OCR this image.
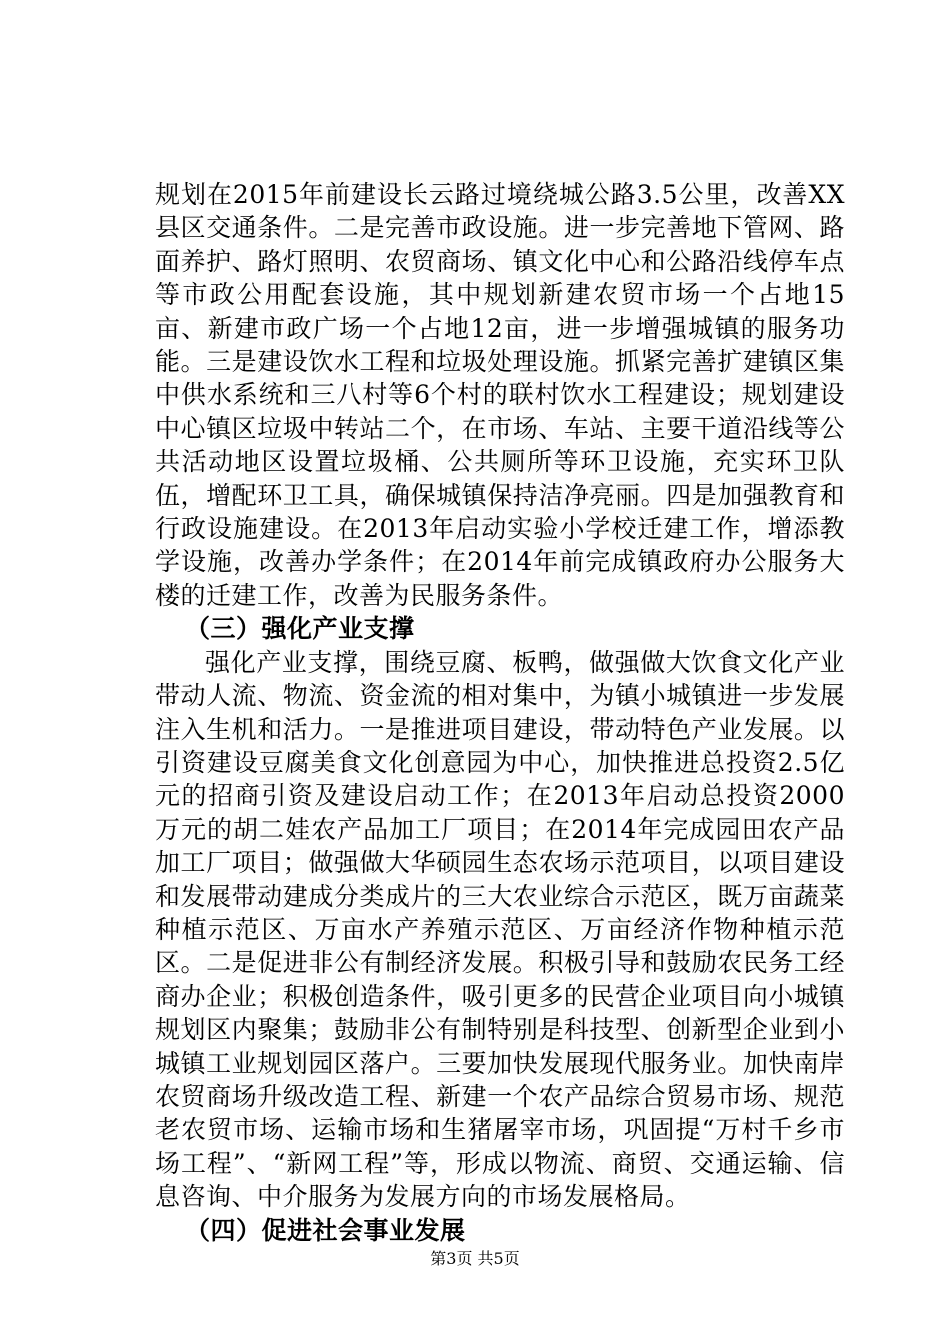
规划在2015年前建设长云路过境绕城公路3.5公里，改善XX县区交通条件。二是完善市政设施。进一步完善地下管网、路面养护、路灯照明、农贸商场、镇文化中心和公路沿线停车点等市政公用配套设施，其中规划新建农贸市场一个占地15亩、新建市政广场一个占地12亩，进一步增强城镇的服务功能。三是建设饮水工程和垃圾处理设施。抓紧完善扩建镇区集中供水系统和三八村等6个村的联村饮水工程建设；规划建设中心镇区垃圾中转站二个，在市场、车站、主要干道沿线等公共活动地区设置垃圾桶、公共厕所等环卫设施，充实环卫队伍，增配环卫工具，确保城镇保持洁净亮丽。四是加强教育和行政设施建设。在2013年启动实验小学校迁建工作，增添教学设施，改善办学条件；在2014年前完成镇政府办公服务大楼的迁建工作，改善为民服务条件。

（三）强化产业支撑

强化产业支撑，围绕豆腐、板鸭，做强做大饮食文化产业带动人流、物流、资金流的相对集中，为镇小城镇进一步发展注入生机和活力。一是推进项目建设，带动特色产业发展。以引资建设豆腐美食文化创意园为中心，加快推进总投资2.5亿元的招商引资及建设启动工作；在2013年启动总投资2000万元的胡二娃农产品加工厂项目；在2014年完成园田农产品加工厂项目；做强做大华硕园生态农场示范项目，以项目建设和发展带动建成分类成片的三大农业综合示范区，既万亩蔬菜种植示范区、万亩水产养殖示范区、万亩经济作物种植示范区。二是促进非公有制经济发展。积极引导和鼓励农民务工经商办企业；积极创造条件，吸引更多的民营企业项目向小城镇规划区内聚集；鼓励非公有制特别是科技型、创新型企业到小城镇工业规划园区落户。三要加快发展现代服务业。加快南岸农贸商场升级改造工程、新建一个农产品综合贸易市场、规范老农贸市场、运输市场和生猪屠宰市场，巩固提“万村千乡市场工程”、“新网工程”等，形成以物流、商贸、交通运输、信息咨询、中介服务为发展方向的市场发展格局。

（四）促进社会事业发展

第3页 共5页
